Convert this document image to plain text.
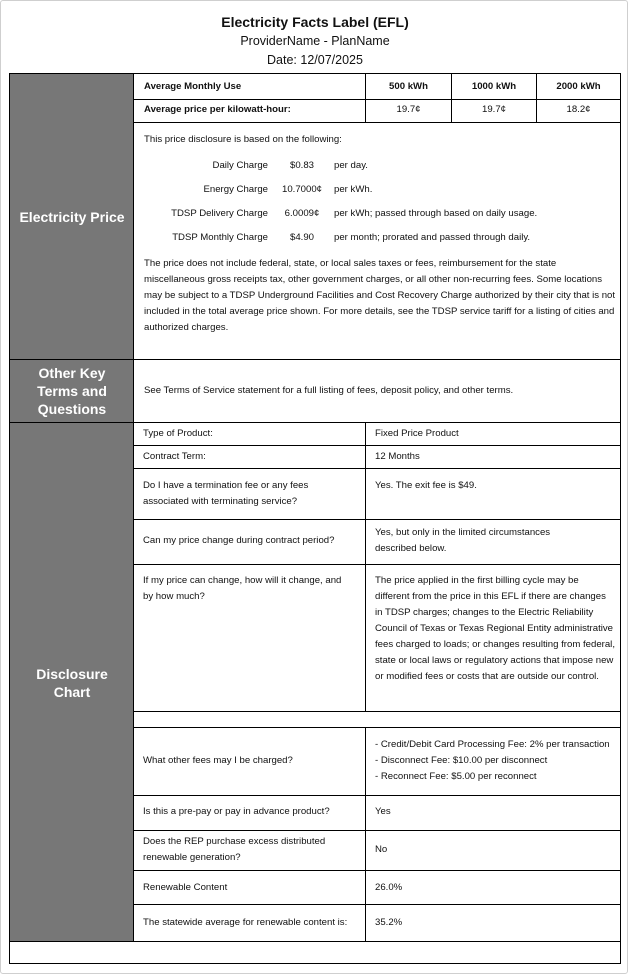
Electricity Facts Label (EFL)
ProviderName - PlanName
Date: 12/07/2025
Electricity Price
Other Key Terms and Questions
Disclosure Chart
Average Monthly Use	500 kWh	1000 kWh	2000 kWh
Average price per kilowatt-hour:	19.7¢	19.7¢	18.2¢
This price disclosure is based on the following:
Daily Charge	$0.83	per day.
Energy Charge 10.7000¢ per kWh.
TDSP Delivery Charge	6.0009¢	per kWh; passed through based on daily usage.
TDSP Monthly Charge	$4.90	per month; prorated and passed through daily.
The price does not include federal, state, or local sales taxes or fees, reimbursement for the state miscellaneous gross receipts tax, other government charges, or all other non-recurring fees. Some locations may be subject to a TDSP Underground Facilities and Cost Recovery Charge authorized by their city that is not included in the total average price shown. For more details, see the TDSP service tariff for a listing of cities and authorized charges.
See Terms of Service statement for a full listing of fees, deposit policy, and other terms.
Type of Product:	Fixed Price Product
Contract Term:	12 Months
Do I have a termination fee or any fees associated with terminating service?
Yes. The exit fee is $49.
Can my price change during contract period?
Yes, but only in the limited circumstances described below.
If my price can change, how will it change, and by how much?
The price applied in the first billing cycle may be different from the price in this EFL if there are changes in TDSP charges; changes to the Electric Reliability Council of Texas or Texas Regional Entity administrative fees charged to loads; or changes resulting from federal, state or local laws or regulatory actions that impose new or modified fees or costs that are outside our control.
What other fees may I be charged?
- Credit/Debit Card Processing Fee: 2% per transaction
- Disconnect Fee: $10.00 per disconnect
- Reconnect Fee: $5.00 per reconnect
Is this a pre-pay or pay in advance product?	Yes
Does the REP purchase excess distributed renewable generation?
No
Renewable Content	26.0%
The statewide average for renewable content is:	35.2%
